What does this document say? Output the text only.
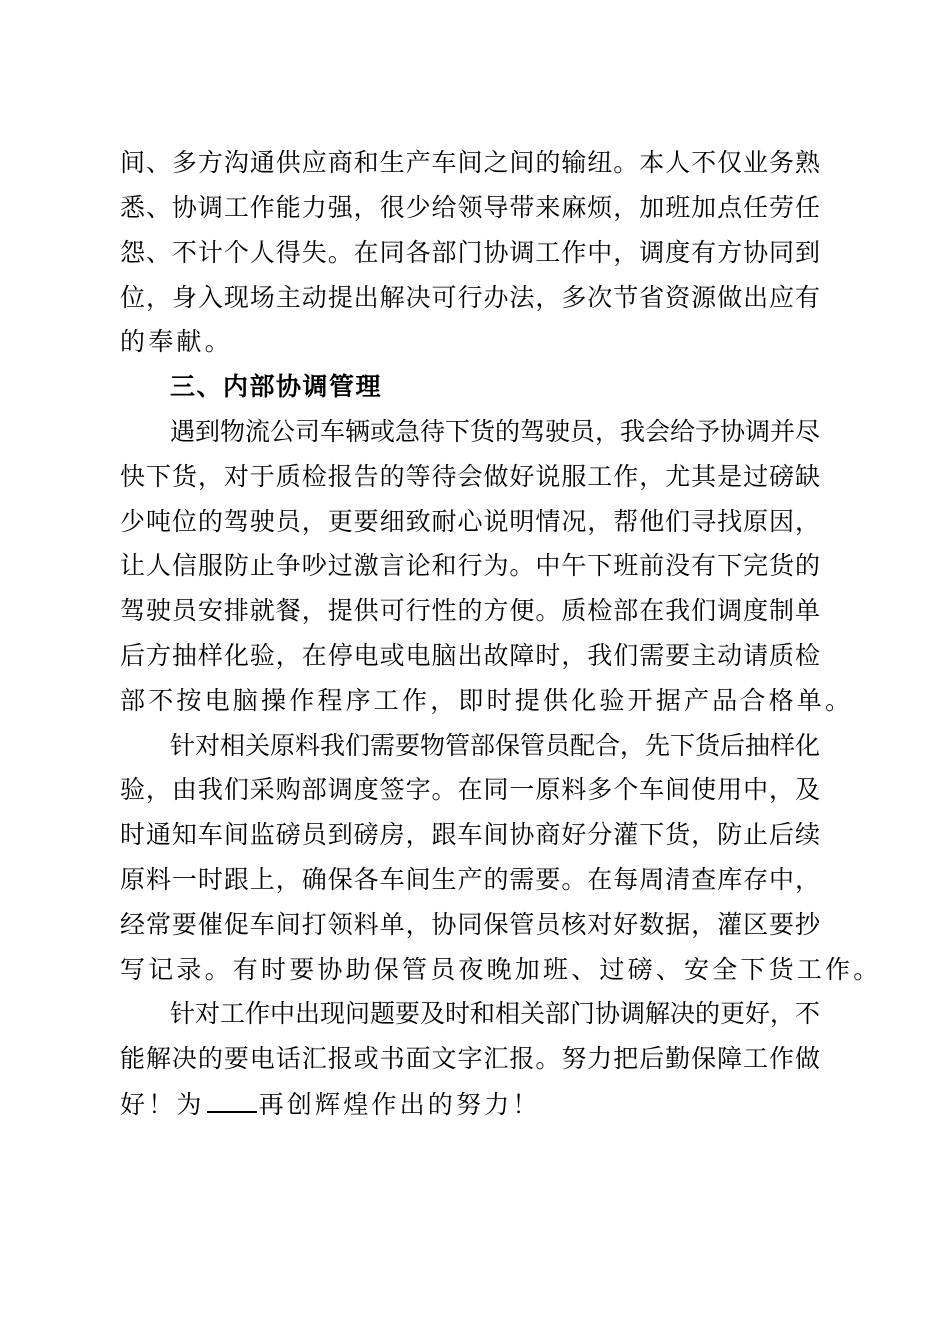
间、多方沟通供应商和生产车间之间的输纽。本人不仅业务熟
悉、协调工作能力强，很少给领导带来麻烦，加班加点任劳任
怨、不计个人得失。在同各部门协调工作中，调度有方协同到
位，身入现场主动提出解决可行办法，多次节省资源做出应有
的奉献。
三、内部协调管理
遇到物流公司车辆或急待下货的驾驶员，我会给予协调并尽
快下货，对于质检报告的等待会做好说服工作，尤其是过磅缺
少吨位的驾驶员，更要细致耐心说明情况，帮他们寻找原因，
让人信服防止争吵过激言论和行为。中午下班前没有下完货的
驾驶员安排就餐，提供可行性的方便。质检部在我们调度制单
后方抽样化验，在停电或电脑出故障时，我们需要主动请质检
部不按电脑操作程序工作，即时提供化验开据产品合格单。
针对相关原料我们需要物管部保管员配合，先下货后抽样化
验，由我们采购部调度签字。在同一原料多个车间使用中，及
时通知车间监磅员到磅房，跟车间协商好分灌下货，防止后续
原料一时跟上，确保各车间生产的需要。在每周清查库存中，
经常要催促车间打领料单，协同保管员核对好数据，灌区要抄
写记录。有时要协助保管员夜晚加班、过磅、安全下货工作。
针对工作中出现问题要及时和相关部门协调解决的更好，不
能解决的要电话汇报或书面文字汇报。努力把后勤保障工作做
好！为 再创辉煌作出的努力！
